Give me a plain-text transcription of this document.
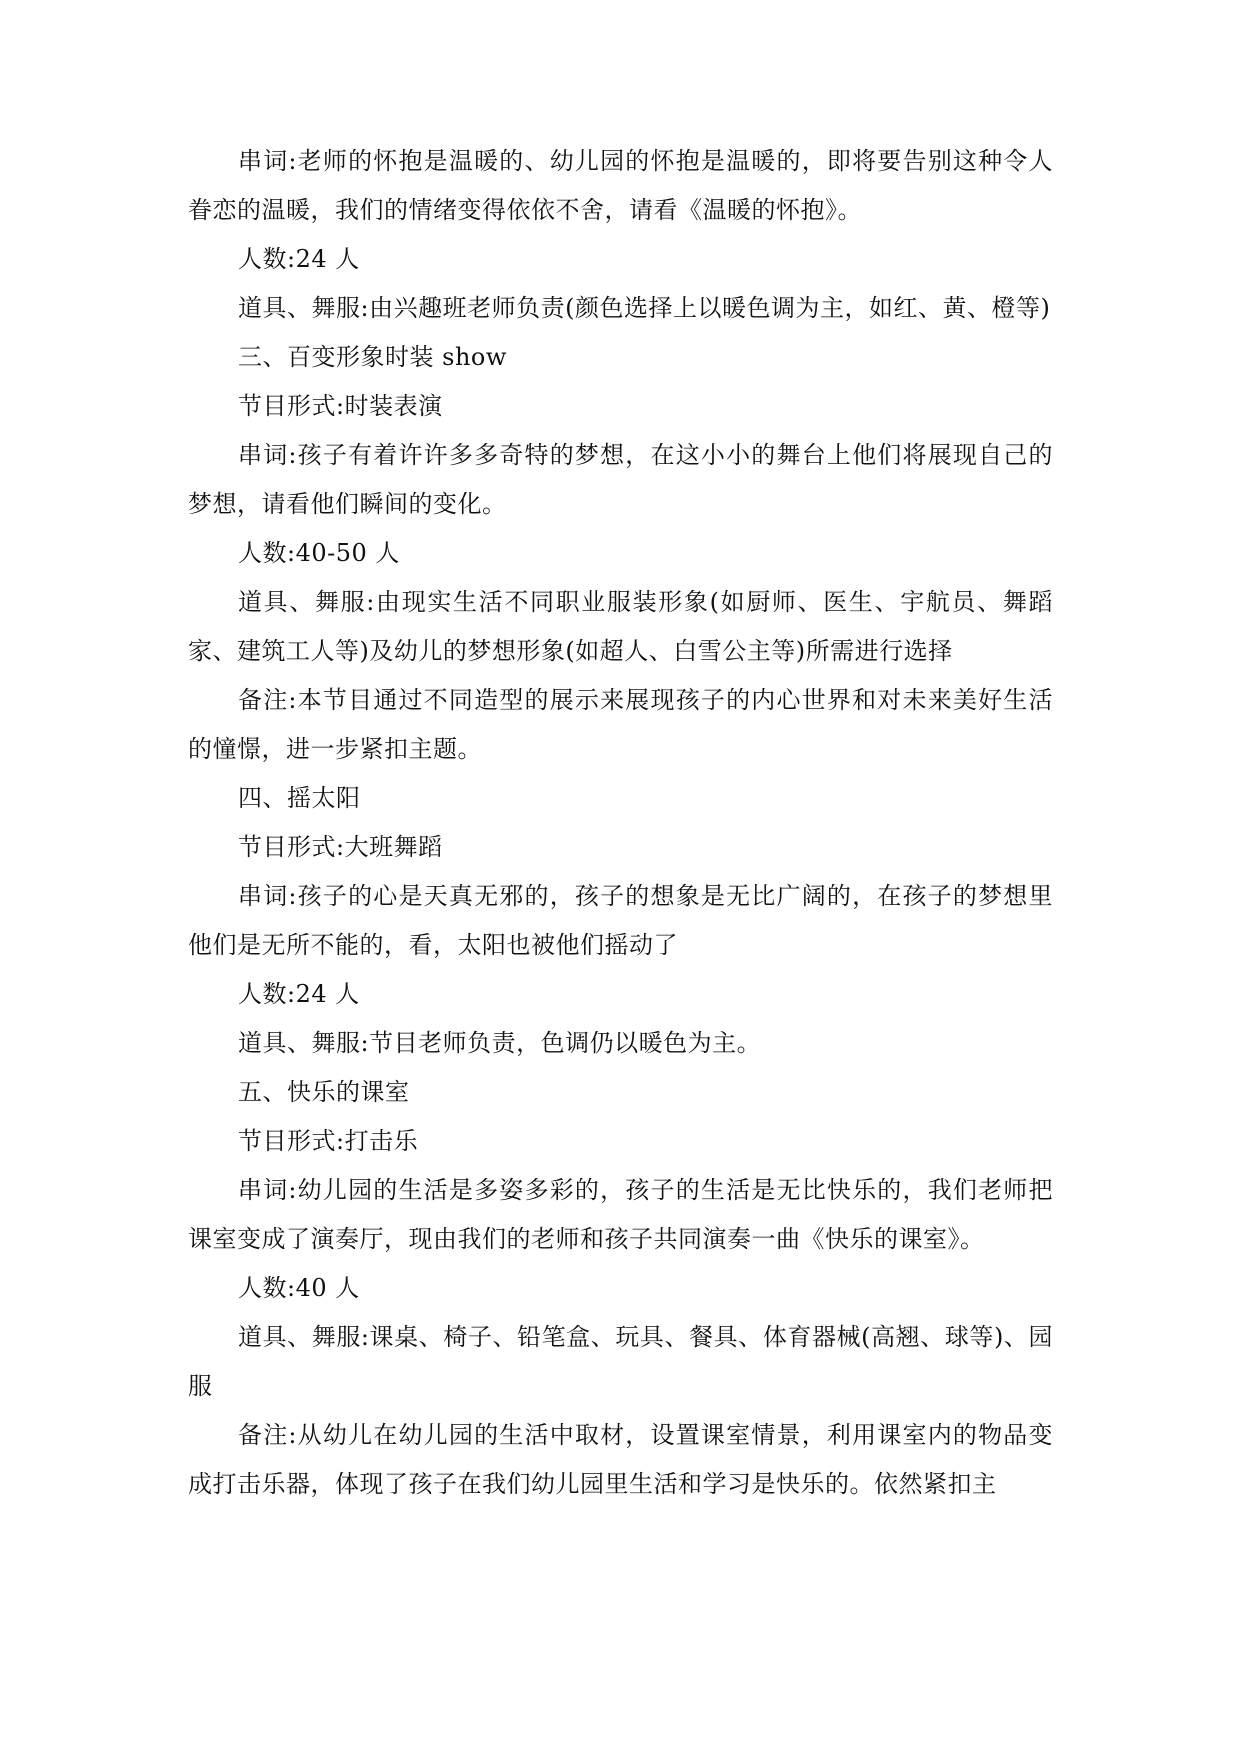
串词:老师的怀抱是温暖的、幼儿园的怀抱是温暖的，即将要告别这种令人眷恋的温暖，我们的情绪变得依依不舍，请看《温暖的怀抱》。

人数:24 人

道具、舞服:由兴趣班老师负责(颜色选择上以暖色调为主，如红、黄、橙等)

三、百变形象时装 show

节目形式:时装表演

串词:孩子有着许许多多奇特的梦想，在这小小的舞台上他们将展现自己的梦想，请看他们瞬间的变化。

人数:40-50 人

道具、舞服:由现实生活不同职业服装形象(如厨师、医生、宇航员、舞蹈家、建筑工人等)及幼儿的梦想形象(如超人、白雪公主等)所需进行选择

备注:本节目通过不同造型的展示来展现孩子的内心世界和对未来美好生活的憧憬，进一步紧扣主题。

四、摇太阳

节目形式:大班舞蹈

串词:孩子的心是天真无邪的，孩子的想象是无比广阔的，在孩子的梦想里他们是无所不能的，看，太阳也被他们摇动了

人数:24 人

道具、舞服:节目老师负责，色调仍以暖色为主。

五、快乐的课室

节目形式:打击乐

串词:幼儿园的生活是多姿多彩的，孩子的生活是无比快乐的，我们老师把课室变成了演奏厅，现由我们的老师和孩子共同演奏一曲《快乐的课室》。

人数:40 人

道具、舞服:课桌、椅子、铅笔盒、玩具、餐具、体育器械(高翘、球等)、园服

备注:从幼儿在幼儿园的生活中取材，设置课室情景，利用课室内的物品变成打击乐器，体现了孩子在我们幼儿园里生活和学习是快乐的。依然紧扣主
